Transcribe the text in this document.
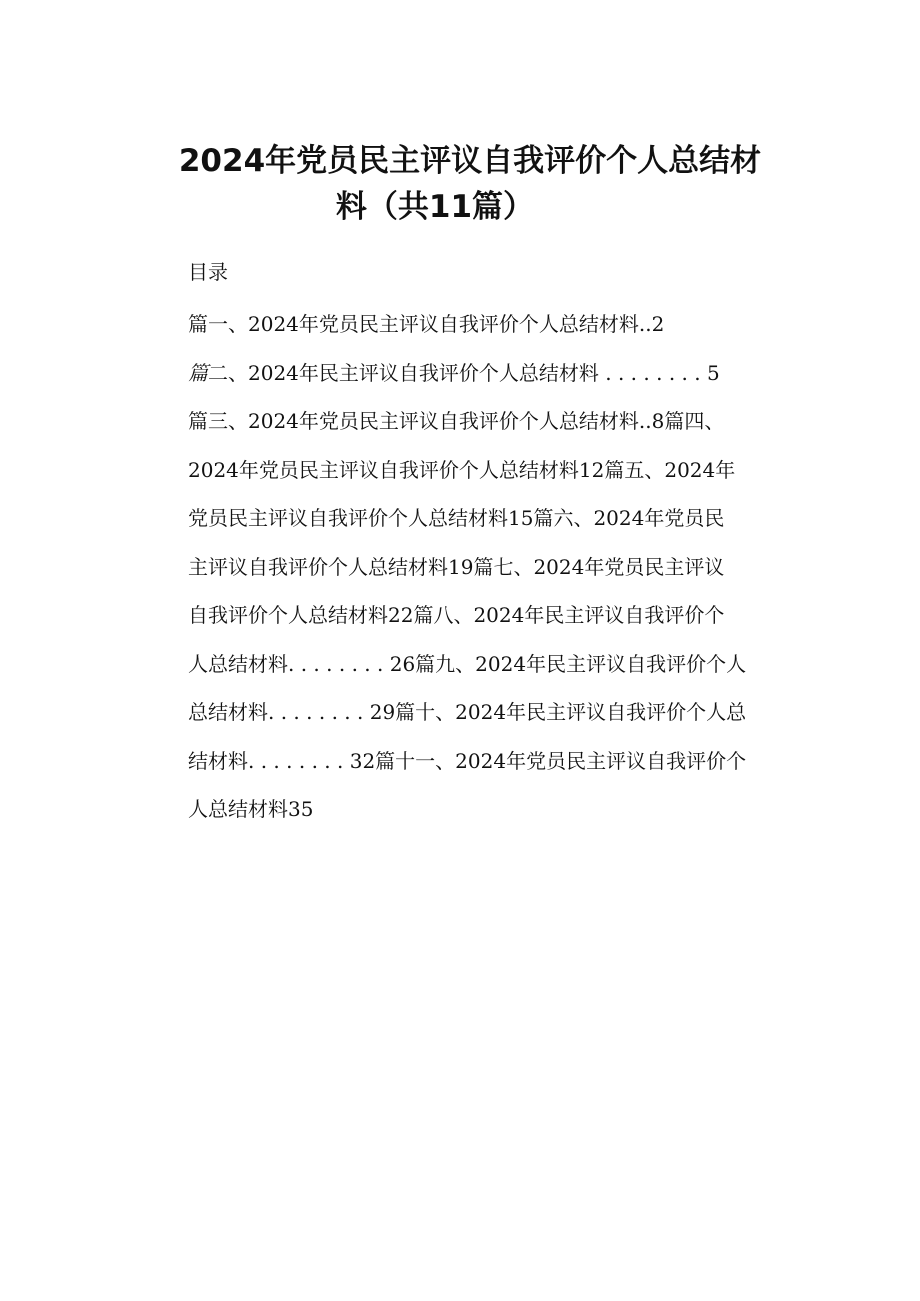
2024年党员民主评议自我评价个人总结材
料（共11篇）
目录
篇一、2024年党员民主评议自我评价个人总结材料..2
篇二、2024年民主评议自我评价个人总结材料 . . . . . . . . 5
篇三、2024年党员民主评议自我评价个人总结材料..8篇四、
2024年党员民主评议自我评价个人总结材料12篇五、2024年
党员民主评议自我评价个人总结材料15篇六、2024年党员民
主评议自我评价个人总结材料19篇七、2024年党员民主评议
自我评价个人总结材料22篇八、2024年民主评议自我评价个
人总结材料. . . . . . . . 26篇九、2024年民主评议自我评价个人
总结材料. . . . . . . . 29篇十、2024年民主评议自我评价个人总
结材料. . . . . . . . 32篇十一、2024年党员民主评议自我评价个
人总结材料35
